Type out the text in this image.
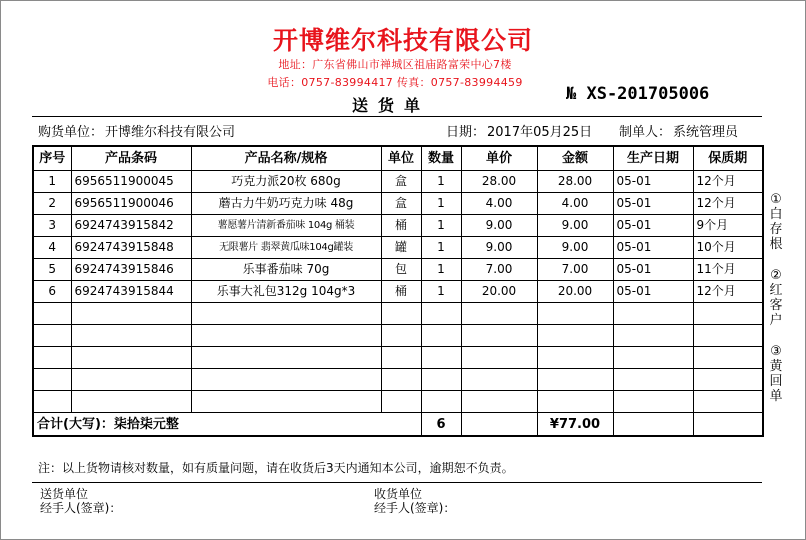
开博维尔科技有限公司
地址：广东省佛山市禅城区祖庙路富荣中心7楼
电话：0757-83994417 传真：0757-83994459
送货单
№ XS-201705006
购货单位： 开博维尔科技有限公司	日期： 2017年05月25日 制单人： 系统管理员
序号	产品条码	产品名称/规格	单位	数量	单价	金额	生产日期	保质期
1	6956511900045	巧克力派20枚 680g	盒	1	28.00	28.00	05-01	12个月
2	6956511900046	蘑古力牛奶巧克力味 48g	盒	1	4.00	4.00	05-01	12个月
3	6924743915842	薯愿薯片清新番茄味 104g 桶装	桶	1	9.00	9.00	05-01	9个月
4	6924743915848	无限薯片 翡翠黄瓜味104g罐装	罐	1	9.00	9.00	05-01	10个月
5	6924743915846	乐事番茄味 70g	包	1	7.00	7.00	05-01	11个月
6	6924743915844	乐事大礼包312g 104g*3	桶	1	20.00	20.00	05-01	12个月

合计(大写)：柒拾柒元整				6		¥77.00		
注：以上货物请核对数量，如有质量问题，请在收货后3天内通知本公司，逾期恕不负责。
送货单位
经手人(签章)：
收货单位
经手人(签章)：
①
白
存
根
②
红
客
户
③
黄
回
单
